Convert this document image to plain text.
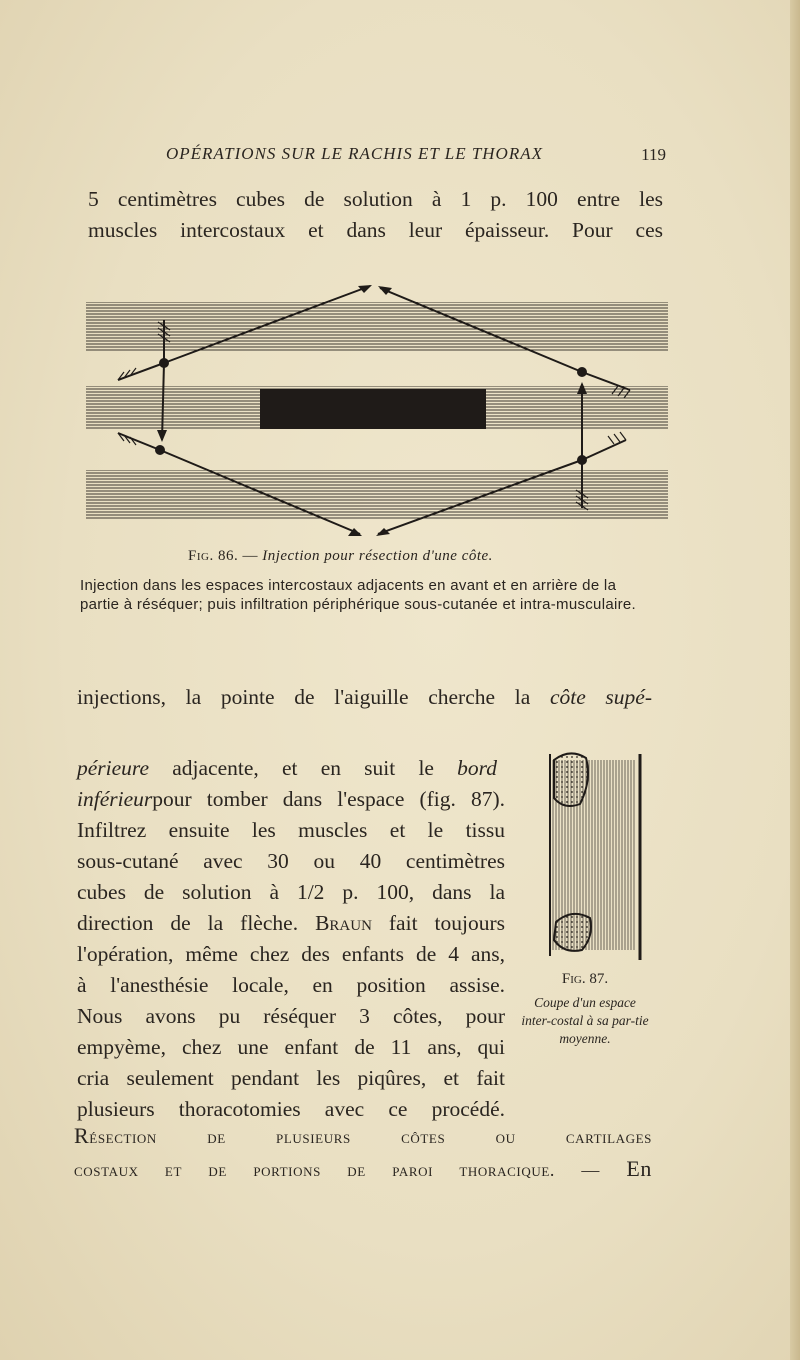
OPÉRATIONS SUR LE RACHIS ET LE THORAX	119

5 centimètres cubes de solution à 1 p. 100 entre les
muscles intercostaux et dans leur épaisseur. Pour ces

Fig. 86. — Injection pour résection d'une côte.

Injection dans les espaces intercostaux adjacents en avant et en arrière de la partie à réséquer; puis infiltration périphérique sous-cutanée et intra-musculaire.

injections, la pointe de l'aiguille cherche la côte supé-

périeure adjacente, et en suit le bord
inférieurpour tomber dans l'espace (fig. 87).
Infiltrez ensuite les muscles et le tissu
sous-cutané avec 30 ou 40 centimètres
cubes de solution à 1/2 p. 100, dans la
direction de la flèche. Braun fait toujours
l'opération, même chez des enfants de 4 ans,
à l'anesthésie locale, en position assise.
Nous avons pu réséquer 3 côtes, pour
empyème, chez une enfant de 11 ans, qui
cria seulement pendant les piqûres, et fait
plusieurs thoracotomies avec ce procédé.

Fig. 87.
Coupe d'un espace inter-costal à sa par-tie moyenne.

Résection de plusieurs côtes ou cartilages
costaux et de portions de paroi thoracique. — En
